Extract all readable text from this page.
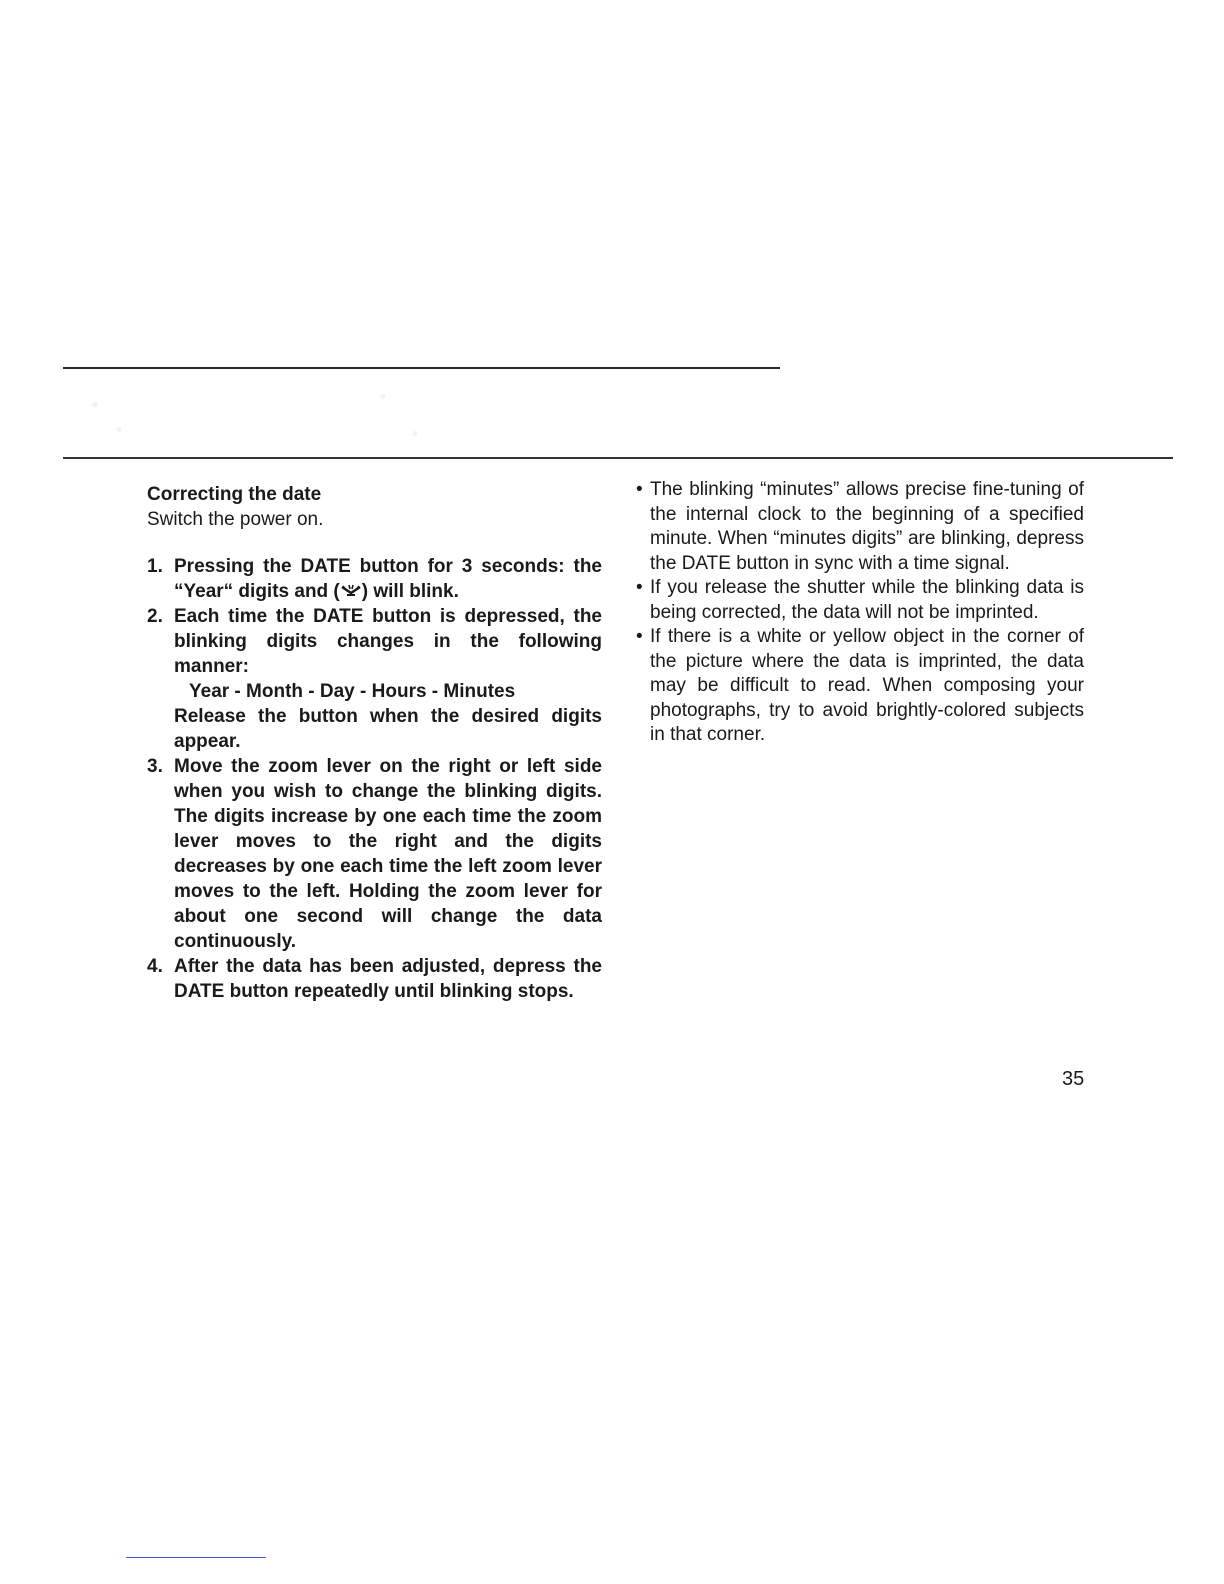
Correcting the date

Switch the power on.

1. Pressing the DATE button for 3 seconds: the “Year“ digits and ( ) will blink.
2. Each time the DATE button is depressed, the blinking digits changes in the following manner:
Year - Month - Day - Hours - Minutes
Release the button when the desired digits appear.
3. Move the zoom lever on the right or left side when you wish to change the blinking digits. The digits increase by one each time the zoom lever moves to the right and the digits decreases by one each time the left zoom lever moves to the left. Holding the zoom lever for about one second will change the data continuously.
4. After the data has been adjusted, depress the DATE button repeatedly until blinking stops.
• The blinking “minutes” allows precise fine-tuning of the internal clock to the beginning of a specified minute. When “minutes digits” are blinking, depress the DATE button in sync with a time signal.
• If you release the shutter while the blinking data is being corrected, the data will not be imprinted.
• If there is a white or yellow object in the corner of the picture where the data is imprinted, the data may be difficult to read. When composing your photographs, try to avoid brightly-colored subjects in that corner.
35
